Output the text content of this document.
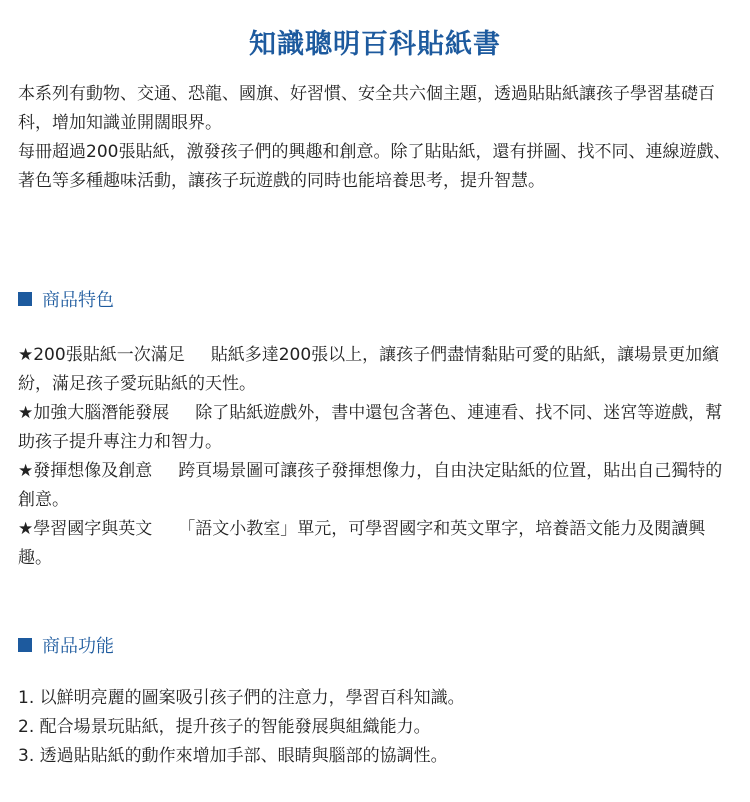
知識聰明百科貼紙書

本系列有動物、交通、恐龍、國旗、好習慣、安全共六個主題，透過貼貼紙讓孩子學習基礎百科，增加知識並開闊眼界。

每冊超過200張貼紙，激發孩子們的興趣和創意。除了貼貼紙，還有拼圖、找不同、連線遊戲、著色等多種趣味活動，讓孩子玩遊戲的同時也能培養思考，提升智慧。

商品特色

★200張貼紙一次滿足 貼紙多達200張以上，讓孩子們盡情黏貼可愛的貼紙，讓場景更加繽紛，滿足孩子愛玩貼紙的天性。

★加強大腦潛能發展 除了貼紙遊戲外，書中還包含著色、連連看、找不同、迷宮等遊戲，幫助孩子提升專注力和智力。

★發揮想像及創意 跨頁場景圖可讓孩子發揮想像力，自由決定貼紙的位置，貼出自己獨特的創意。

★學習國字與英文 「語文小教室」單元，可學習國字和英文單字，培養語文能力及閱讀興趣。

商品功能

1. 以鮮明亮麗的圖案吸引孩子們的注意力，學習百科知識。

2. 配合場景玩貼紙，提升孩子的智能發展與組織能力。

3. 透過貼貼紙的動作來增加手部、眼睛與腦部的協調性。
